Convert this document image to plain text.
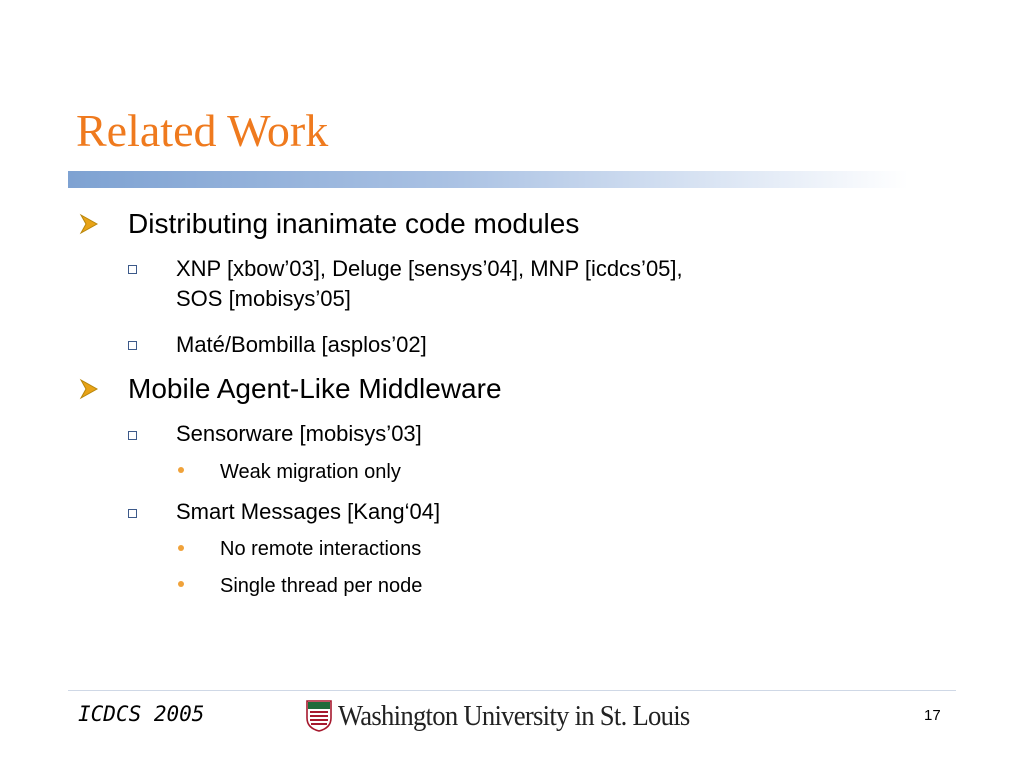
Related Work
Distributing inanimate code modules
XNP [xbow’03], Deluge [sensys’04], MNP [icdcs’05],
SOS [mobisys’05]
Maté/Bombilla [asplos’02]
Mobile Agent-Like Middleware
Sensorware [mobisys’03]
Weak migration only
Smart Messages [Kang‘04]
No remote interactions
Single thread per node
ICDCS 2005	Washington University in St. Louis	17
